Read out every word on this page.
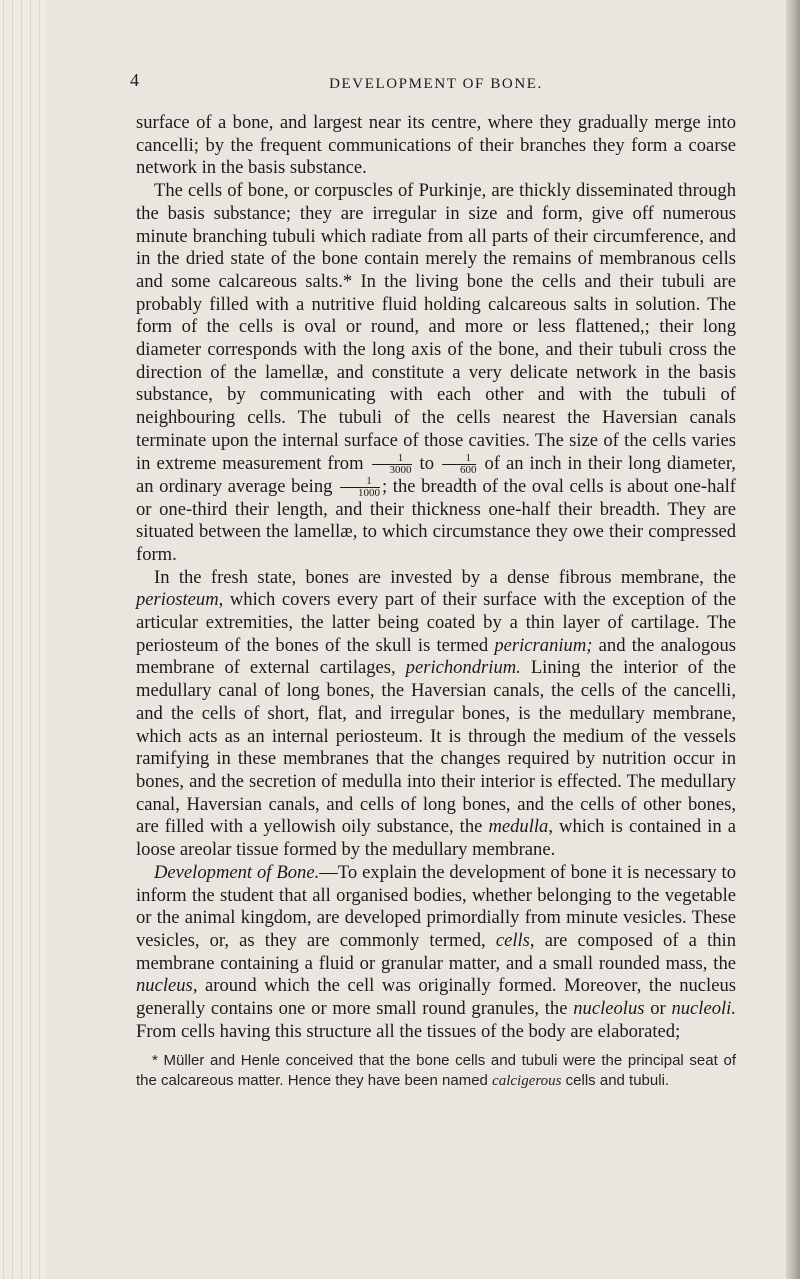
4	DEVELOPMENT OF BONE.

surface of a bone, and largest near its centre, where they gradually merge into cancelli; by the frequent communications of their branches they form a coarse network in the basis substance.

The cells of bone, or corpuscles of Purkinje, are thickly disseminated through the basis substance; they are irregular in size and form, give off numerous minute branching tubuli which radiate from all parts of their circumference, and in the dried state of the bone contain merely the remains of membranous cells and some calcareous salts.* In the living bone the cells and their tubuli are probably filled with a nutritive fluid holding calcareous salts in solution. The form of the cells is oval or round, and more or less flattened,; their long diameter corresponds with the long axis of the bone, and their tubuli cross the direction of the lamellæ, and constitute a very delicate network in the basis substance, by communicating with each other and with the tubuli of neighbouring cells. The tubuli of the cells nearest the Haversian canals terminate upon the internal surface of those cavities. The size of the cells varies in extreme measurement from $\frac{1}{3000}$ to $\frac{1}{600}$ of an inch in their long diameter, an ordinary average being $\frac{1}{1000}$ ; the breadth of the oval cells is about one-half or one-third their length, and their thickness one-half their breadth. They are situated between the lamellæ, to which circumstance they owe their compressed form.

In the fresh state, bones are invested by a dense fibrous membrane, the periosteum, which covers every part of their surface with the exception of the articular extremities, the latter being coated by a thin layer of cartilage. The periosteum of the bones of the skull is termed pericranium; and the analogous membrane of external cartilages, perichondrium. Lining the interior of the medullary canal of long bones, the Haversian canals, the cells of the cancelli, and the cells of short, flat, and irregular bones, is the medullary membrane, which acts as an internal periosteum. It is through the medium of the vessels ramifying in these membranes that the changes required by nutrition occur in bones, and the secretion of medulla into their interior is effected. The medullary canal, Haversian canals, and cells of long bones, and the cells of other bones, are filled with a yellowish oily substance, the medulla, which is contained in a loose areolar tissue formed by the medullary membrane.

Development of Bone.—To explain the development of bone it is necessary to inform the student that all organised bodies, whether belonging to the vegetable or the animal kingdom, are developed primordially from minute vesicles. These vesicles, or, as they are commonly termed, cells, are composed of a thin membrane containing a fluid or granular matter, and a small rounded mass, the nucleus, around which the cell was originally formed. Moreover, the nucleus generally contains one or more small round granules, the nucleolus or nucleoli. From cells having this structure all the tissues of the body are elaborated;

* Müller and Henle conceived that the bone cells and tubuli were the principal seat of the calcareous matter. Hence they have been named calcigerous cells and tubuli.
